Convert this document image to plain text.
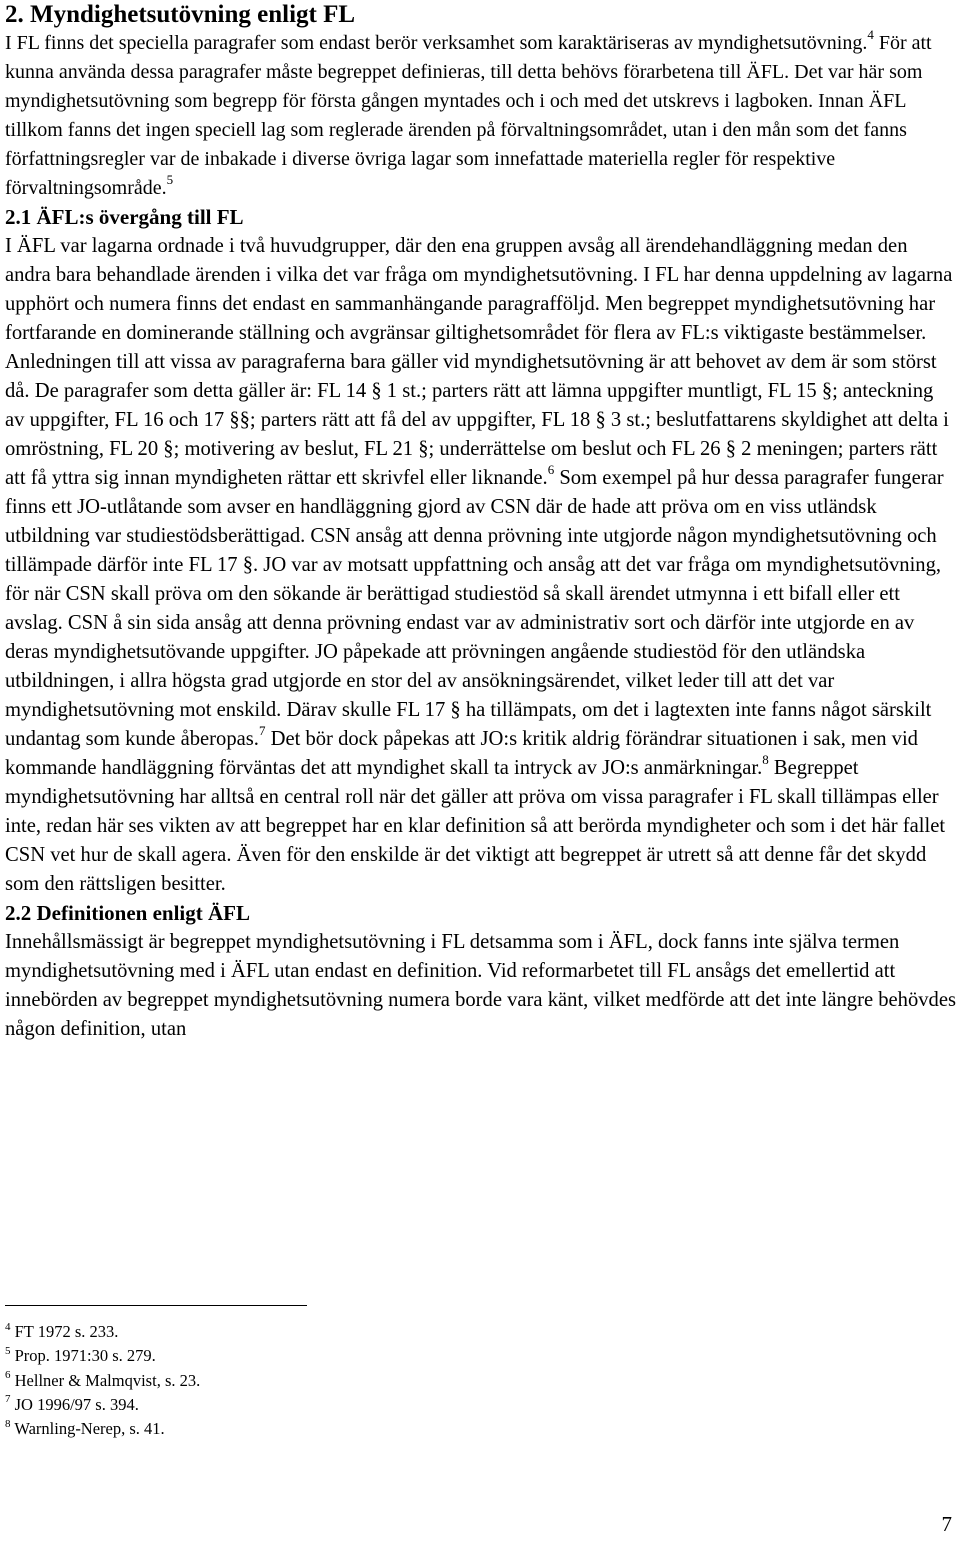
2. Myndighetsutövning enligt FL

I FL finns det speciella paragrafer som endast berör verksamhet som karaktäriseras av myndighetsutövning.$^4$ För att kunna använda dessa paragrafer måste begreppet definieras, till detta behövs förarbetena till ÄFL. Det var här som myndighetsutövning som begrepp för första gången myntades och i och med det utskrevs i lagboken. Innan ÄFL tillkom fanns det ingen speciell lag som reglerade ärenden på förvaltningsområdet, utan i den mån som det fanns författningsregler var de inbakade i diverse övriga lagar som innefattade materiella regler för respektive förvaltningsområde.$^5$

2.1 ÄFL:s övergång till FL

I ÄFL var lagarna ordnade i två huvudgrupper, där den ena gruppen avsåg all ärendehandläggning medan den andra bara behandlade ärenden i vilka det var fråga om myndighetsutövning. I FL har denna uppdelning av lagarna upphört och numera finns det endast en sammanhängande paragrafföljd. Men begreppet myndighetsutövning har fortfarande en dominerande ställning och avgränsar giltighetsområdet för flera av FL:s viktigaste bestämmelser. Anledningen till att vissa av paragraferna bara gäller vid myndighetsutövning är att behovet av dem är som störst då. De paragrafer som detta gäller är: FL 14 § 1 st.; parters rätt att lämna uppgifter muntligt, FL 15 §; anteckning av uppgifter, FL 16 och 17 §§; parters rätt att få del av uppgifter, FL 18 § 3 st.; beslutfattarens skyldighet att delta i omröstning, FL 20 §; motivering av beslut, FL 21 §; underrättelse om beslut och FL 26 § 2 meningen; parters rätt att få yttra sig innan myndigheten rättar ett skrivfel eller liknande.$^6$ Som exempel på hur dessa paragrafer fungerar finns ett JO-utlåtande som avser en handläggning gjord av CSN där de hade att pröva om en viss utländsk utbildning var studiestödsberättigad. CSN ansåg att denna prövning inte utgjorde någon myndighetsutövning och tillämpade därför inte FL 17 §. JO var av motsatt uppfattning och ansåg att det var fråga om myndighetsutövning, för när CSN skall pröva om den sökande är berättigad studiestöd så skall ärendet utmynna i ett bifall eller ett avslag. CSN å sin sida ansåg att denna prövning endast var av administrativ sort och därför inte utgjorde en av deras myndighetsutövande uppgifter. JO påpekade att prövningen angående studiestöd för den utländska utbildningen, i allra högsta grad utgjorde en stor del av ansökningsärendet, vilket leder till att det var myndighetsutövning mot enskild. Därav skulle FL 17 § ha tillämpats, om det i lagtexten inte fanns något särskilt undantag som kunde åberopas.$^7$ Det bör dock påpekas att JO:s kritik aldrig förändrar situationen i sak, men vid kommande handläggning förväntas det att myndighet skall ta intryck av JO:s anmärkningar.$^8$ Begreppet myndighetsutövning har alltså en central roll när det gäller att pröva om vissa paragrafer i FL skall tillämpas eller inte, redan här ses vikten av att begreppet har en klar definition så att berörda myndigheter och som i det här fallet CSN vet hur de skall agera. Även för den enskilde är det viktigt att begreppet är utrett så att denne får det skydd som den rättsligen besitter.

2.2 Definitionen enligt ÄFL

Innehållsmässigt är begreppet myndighetsutövning i FL detsamma som i ÄFL, dock fanns inte själva termen myndighetsutövning med i ÄFL utan endast en definition. Vid reformarbetet till FL ansågs det emellertid att innebörden av begreppet myndighetsutövning numera borde vara känt, vilket medförde att det inte längre behövdes någon definition, utan

$^4$ FT 1972 s. 233.

$^5$ Prop. 1971:30 s. 279.

$^6$ Hellner & Malmqvist, s. 23.

$^7$ JO 1996/97 s. 394.

$^8$ Warnling-Nerep, s. 41.

7
